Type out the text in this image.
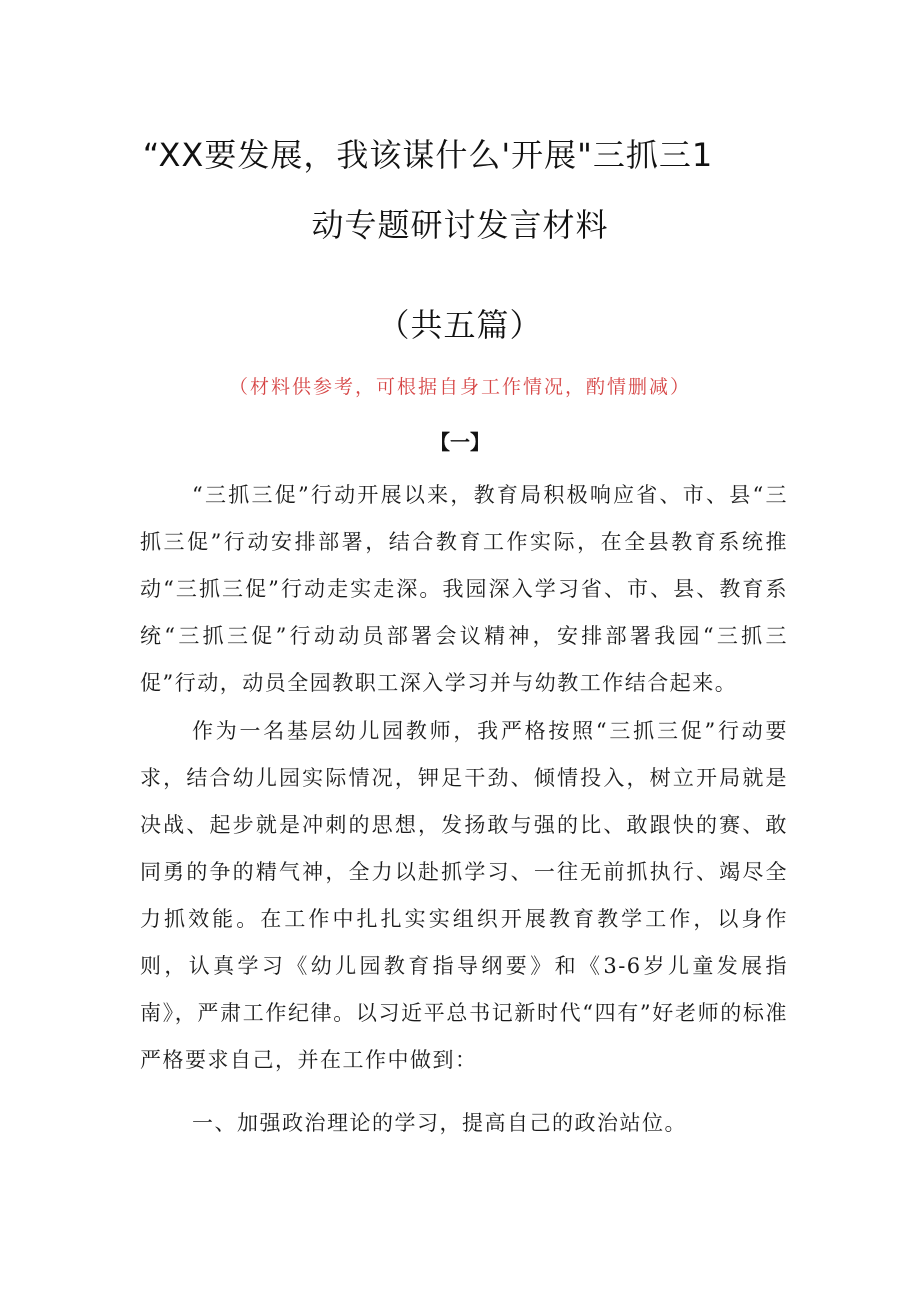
“XX要发展，我该谋什么'开展"三抓三1
动专题研讨发言材料
（共五篇）
（材料供参考，可根据自身工作情况，酌情删减）
【一】
“三抓三促”行动开展以来，教育局积极响应省、市、县“三抓三促”行动安排部署，结合教育工作实际，在全县教育系统推动“三抓三促”行动走实走深。我园深入学习省、市、县、教育系统“三抓三促”行动动员部署会议精神，安排部署我园“三抓三促”行动，动员全园教职工深入学习并与幼教工作结合起来。
作为一名基层幼儿园教师，我严格按照“三抓三促”行动要求，结合幼儿园实际情况，钾足干劲、倾情投入，树立开局就是决战、起步就是冲刺的思想，发扬敢与强的比、敢跟快的赛、敢同勇的争的精气神，全力以赴抓学习、一往无前抓执行、竭尽全力抓效能。在工作中扎扎实实组织开展教育教学工作，以身作则，认真学习《幼儿园教育指导纲要》和《3-6岁儿童发展指南》，严肃工作纪律。以习近平总书记新时代“四有”好老师的标准严格要求自己，并在工作中做到：
一、加强政治理论的学习，提高自己的政治站位。
